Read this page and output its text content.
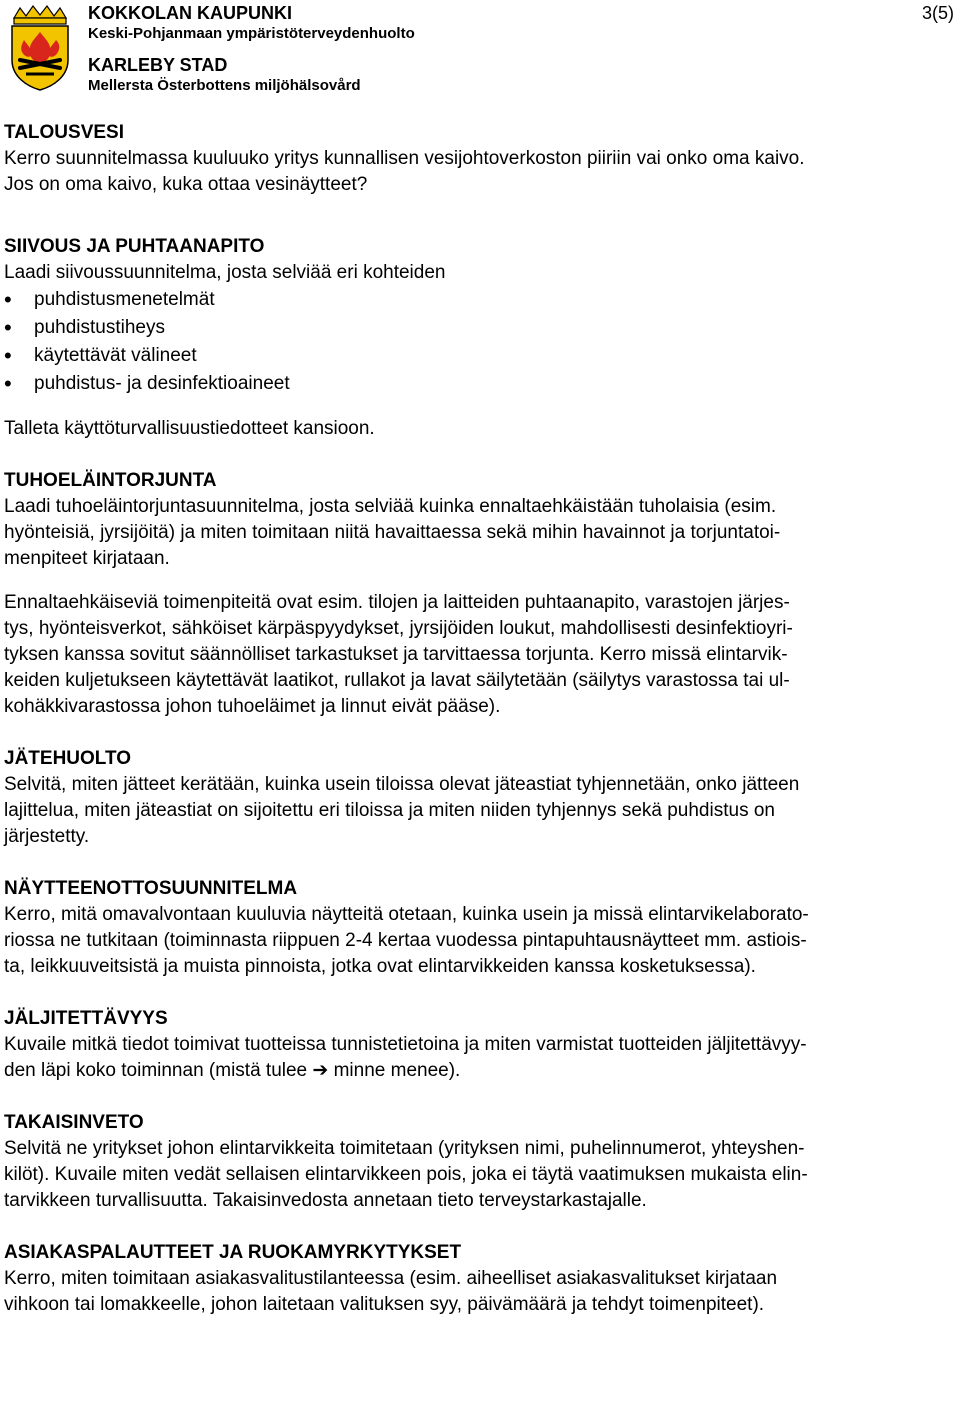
KOKKOLAN KAUPUNKI
Keski-Pohjanmaan ympäristöterveydenhuolto
KARLEBY STAD
Mellersta Österbottens miljöhälsovård
3(5)

TALOUSVESI

Kerro suunnitelmassa kuuluuko yritys kunnallisen vesijohtoverkoston piiriin vai onko oma kaivo.

Jos on oma kaivo, kuka ottaa vesinäytteet?

SIIVOUS JA PUHTAANAPITO

Laadi siivoussuunnitelma, josta selviää eri kohteiden

• puhdistusmenetelmät
• puhdistustiheys
• käytettävät välineet
• puhdistus- ja desinfektioaineet

Talleta käyttöturvallisuustiedotteet kansioon.

TUHOELÄINTORJUNTA

Laadi tuhoeläintorjuntasuunnitelma, josta selviää kuinka ennaltaehkäistään tuholaisia (esim.

hyönteisiä, jyrsijöitä) ja miten toimitaan niitä havaittaessa sekä mihin havainnot ja torjuntatoi-

menpiteet kirjataan.

Ennaltaehkäiseviä toimenpiteitä ovat esim. tilojen ja laitteiden puhtaanapito, varastojen järjes-

tys, hyönteisverkot, sähköiset kärpäspyydykset, jyrsijöiden loukut, mahdollisesti desinfektioyri-

tyksen kanssa sovitut säännölliset tarkastukset ja tarvittaessa torjunta. Kerro missä elintarvik-

keiden kuljetukseen käytettävät laatikot, rullakot ja lavat säilytetään (säilytys varastossa tai ul-

kohäkkivarastossa johon tuhoeläimet ja linnut eivät pääse).

JÄTEHUOLTO

Selvitä, miten jätteet kerätään, kuinka usein tiloissa olevat jäteastiat tyhjennetään, onko jätteen

lajittelua, miten jäteastiat on sijoitettu eri tiloissa ja miten niiden tyhjennys sekä puhdistus on

järjestetty.

NÄYTTEENOTTOSUUNNITELMA

Kerro, mitä omavalvontaan kuuluvia näytteitä otetaan, kuinka usein ja missä elintarvikelaborato-

riossa ne tutkitaan (toiminnasta riippuen 2-4 kertaa vuodessa pintapuhtausnäytteet mm. astiois-

ta, leikkuuveitsistä ja muista pinnoista, jotka ovat elintarvikkeiden kanssa kosketuksessa).

JÄLJITETTÄVYYS

Kuvaile mitkä tiedot toimivat tuotteissa tunnistetietoina ja miten varmistat tuotteiden jäljitettävyy-

den läpi koko toiminnan (mistä tulee ➔ minne menee).

TAKAISINVETO

Selvitä ne yritykset johon elintarvikkeita toimitetaan (yrityksen nimi, puhelinnumerot, yhteyshen-

kilöt). Kuvaile miten vedät sellaisen elintarvikkeen pois, joka ei täytä vaatimuksen mukaista elin-

tarvikkeen turvallisuutta. Takaisinvedosta annetaan tieto terveystarkastajalle.

ASIAKASPALAUTTEET JA RUOKAMYRKYTYKSET

Kerro, miten toimitaan asiakasvalitustilanteessa (esim. aiheelliset asiakasvalitukset kirjataan

vihkoon tai lomakkeelle, johon laitetaan valituksen syy, päivämäärä ja tehdyt toimenpiteet).
